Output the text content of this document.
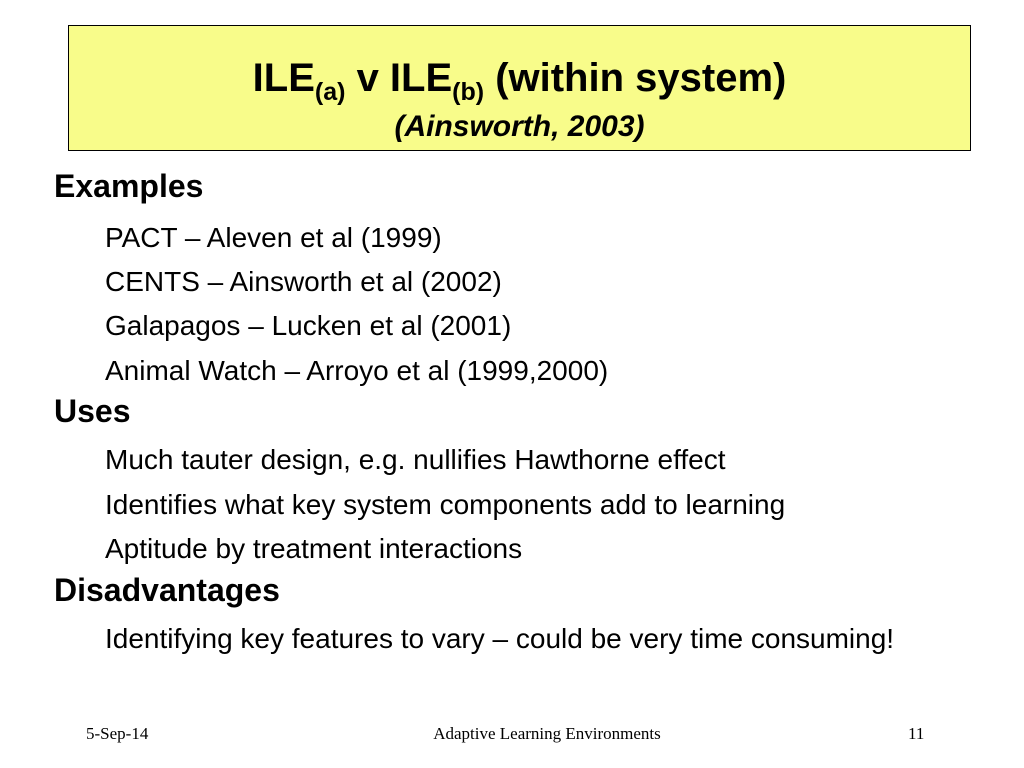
$ILE_{(a)}$ v $ILE_{(b)}$ (within system)
(Ainsworth, 2003)
Examples
PACT – Aleven et al (1999)
CENTS – Ainsworth et al (2002)
Galapagos – Lucken et al (2001)
Animal Watch – Arroyo et al (1999,2000)
Uses
Much tauter design, e.g. nullifies Hawthorne effect
Identifies what key system components add to learning
Aptitude by treatment interactions
Disadvantages
Identifying key features to vary – could be very time consuming!
5-Sep-14	Adaptive Learning Environments	11
